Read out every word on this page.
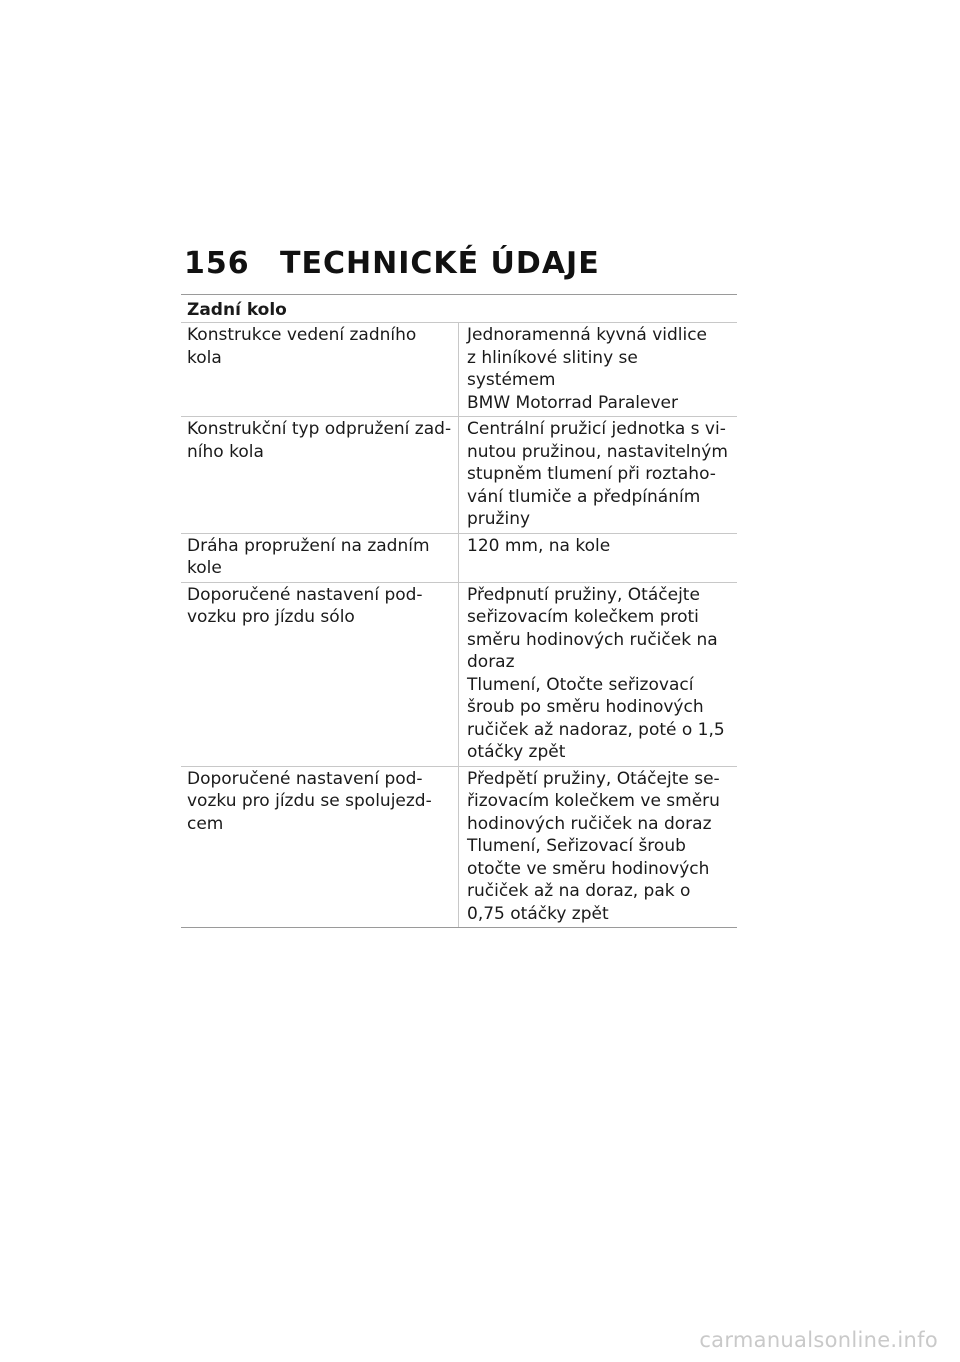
156	TECHNICKÉ ÚDAJE
Zadní kolo
Konstrukce vedení zadního
kola
Jednoramenná kyvná vidlice
z hliníkové slitiny se systémem
BMW Motorrad Paralever
Konstrukční typ odpružení zad-
ního kola
Centrální pružicí jednotka s vi-
nutou pružinou, nastavitelným
stupněm tlumení při roztaho-
vání tlumiče a předpínáním
pružiny
Dráha propružení na zadním
kole
120 mm, na kole
Doporučené nastavení pod-
vozku pro jízdu sólo
Předpnutí pružiny, Otáčejte
seřizovacím kolečkem proti
směru hodinových ručiček na
doraz
Tlumení, Otočte seřizovací
šroub po směru hodinových
ručiček až nadoraz, poté o 1,5
otáčky zpět
Doporučené nastavení pod-
vozku pro jízdu se spolujezd-
cem
Předpětí pružiny, Otáčejte se-
řizovacím kolečkem ve směru
hodinových ručiček na doraz
Tlumení, Seřizovací šroub
otočte ve směru hodinových
ručiček až na doraz, pak o
0,75 otáčky zpět
carmanualsonline.info
